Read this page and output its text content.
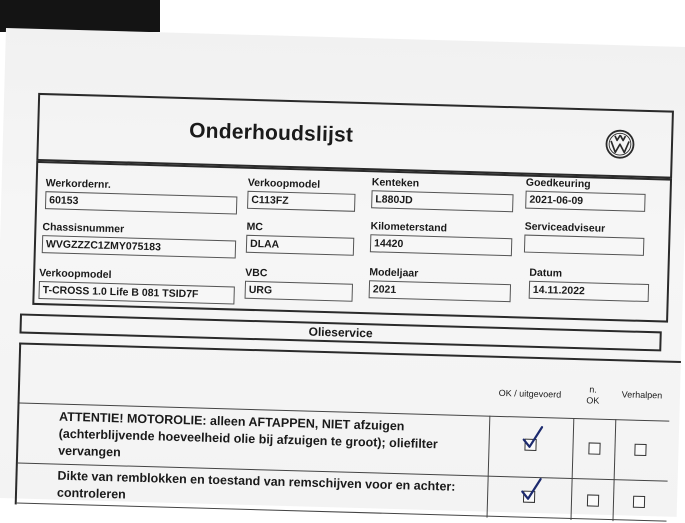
Onderhoudslijst
Werkordernr.
60153
Verkoopmodel
C113FZ
Kenteken
L880JD
Goedkeuring
2021-06-09
Chassisnummer
WVGZZZC1ZMY075183
MC
DLAA
Kilometerstand
14420
Serviceadviseur
Verkoopmodel
T-CROSS 1.0 Life B 081 TSID7F
VBC
URG
Modeljaar
2021
Datum
14.11.2022
Olieservice
OK / uitgevoerd	n.
OK
Verhalpen
ATTENTIE! MOTOROLIE: alleen AFTAPPEN, NIET afzuigen (achterblijvende hoeveelheid olie bij afzuigen te groot); oliefilter vervangen
Dikte van remblokken en toestand van remschijven voor en achter: controleren
